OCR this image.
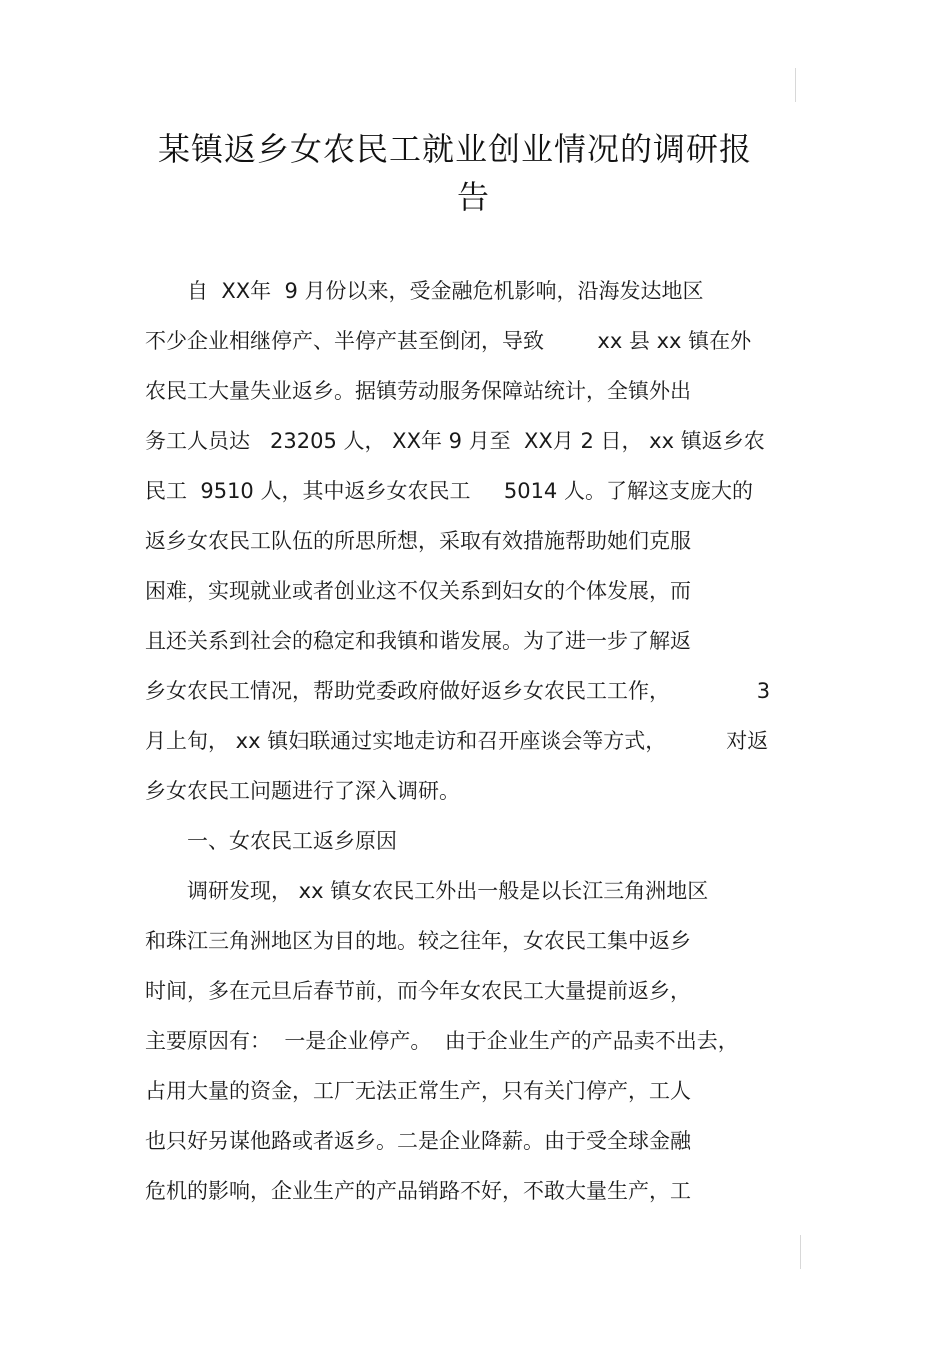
某镇返乡女农民工就业创业情况的调研报
告
　　自  XX年  9 月份以来，受金融危机影响，沿海发达地区
不少企业相继停产、半停产甚至倒闭，导致        xx 县 xx 镇在外
农民工大量失业返乡。据镇劳动服务保障站统计，全镇外出
务工人员达   23205 人， XX年 9 月至  XX月 2 日， xx 镇返乡农
民工  9510 人，其中返乡女农民工     5014 人。了解这支庞大的
返乡女农民工队伍的所思所想，采取有效措施帮助她们克服
困难，实现就业或者创业这不仅关系到妇女的个体发展，而
且还关系到社会的稳定和我镇和谐发展。为了进一步了解返
乡女农民工情况，帮助党委政府做好返乡女农民工工作，             3
月上旬， xx 镇妇联通过实地走访和召开座谈会等方式，         对返
乡女农民工问题进行了深入调研。
　　一、女农民工返乡原因
　　调研发现， xx 镇女农民工外出一般是以长江三角洲地区
和珠江三角洲地区为目的地。较之往年，女农民工集中返乡
时间，多在元旦后春节前，而今年女农民工大量提前返乡，
主要原因有：  一是企业停产。  由于企业生产的产品卖不出去，
占用大量的资金，工厂无法正常生产，只有关门停产，工人
也只好另谋他路或者返乡。二是企业降薪。由于受全球金融
危机的影响，企业生产的产品销路不好，不敢大量生产，工
